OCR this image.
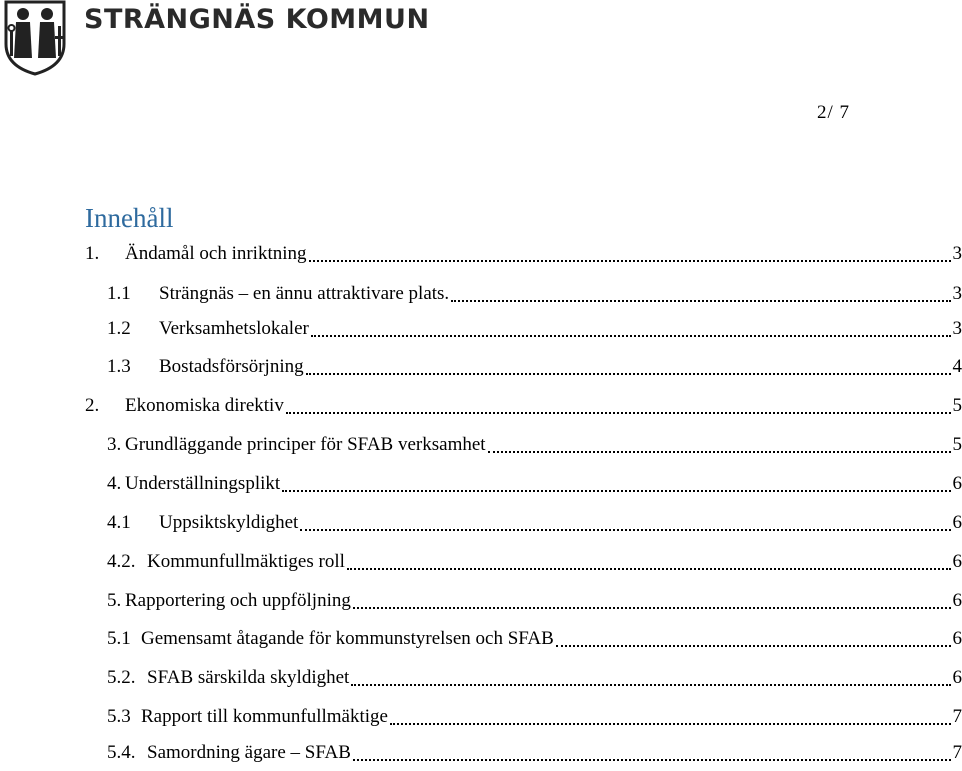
STRÄNGNÄS KOMMUN
2/ 7
Innehåll
1.	Ändamål och inriktning	3
1.1	Strängnäs – en ännu attraktivare plats.	3
1.2	Verksamhetslokaler	3
1.3	Bostadsförsörjning	4
2.	Ekonomiska direktiv	5
3. Grundläggande principer för SFAB verksamhet	5
4. Underställningsplikt	6
4.1	Uppsiktskyldighet	6
4.2. Kommunfullmäktiges roll	6
5. Rapportering och uppföljning	6
5.1 Gemensamt åtagande för kommunstyrelsen och SFAB	6
5.2. SFAB särskilda skyldighet	6
5.3 Rapport till kommunfullmäktige	7
5.4. Samordning ägare – SFAB	7
